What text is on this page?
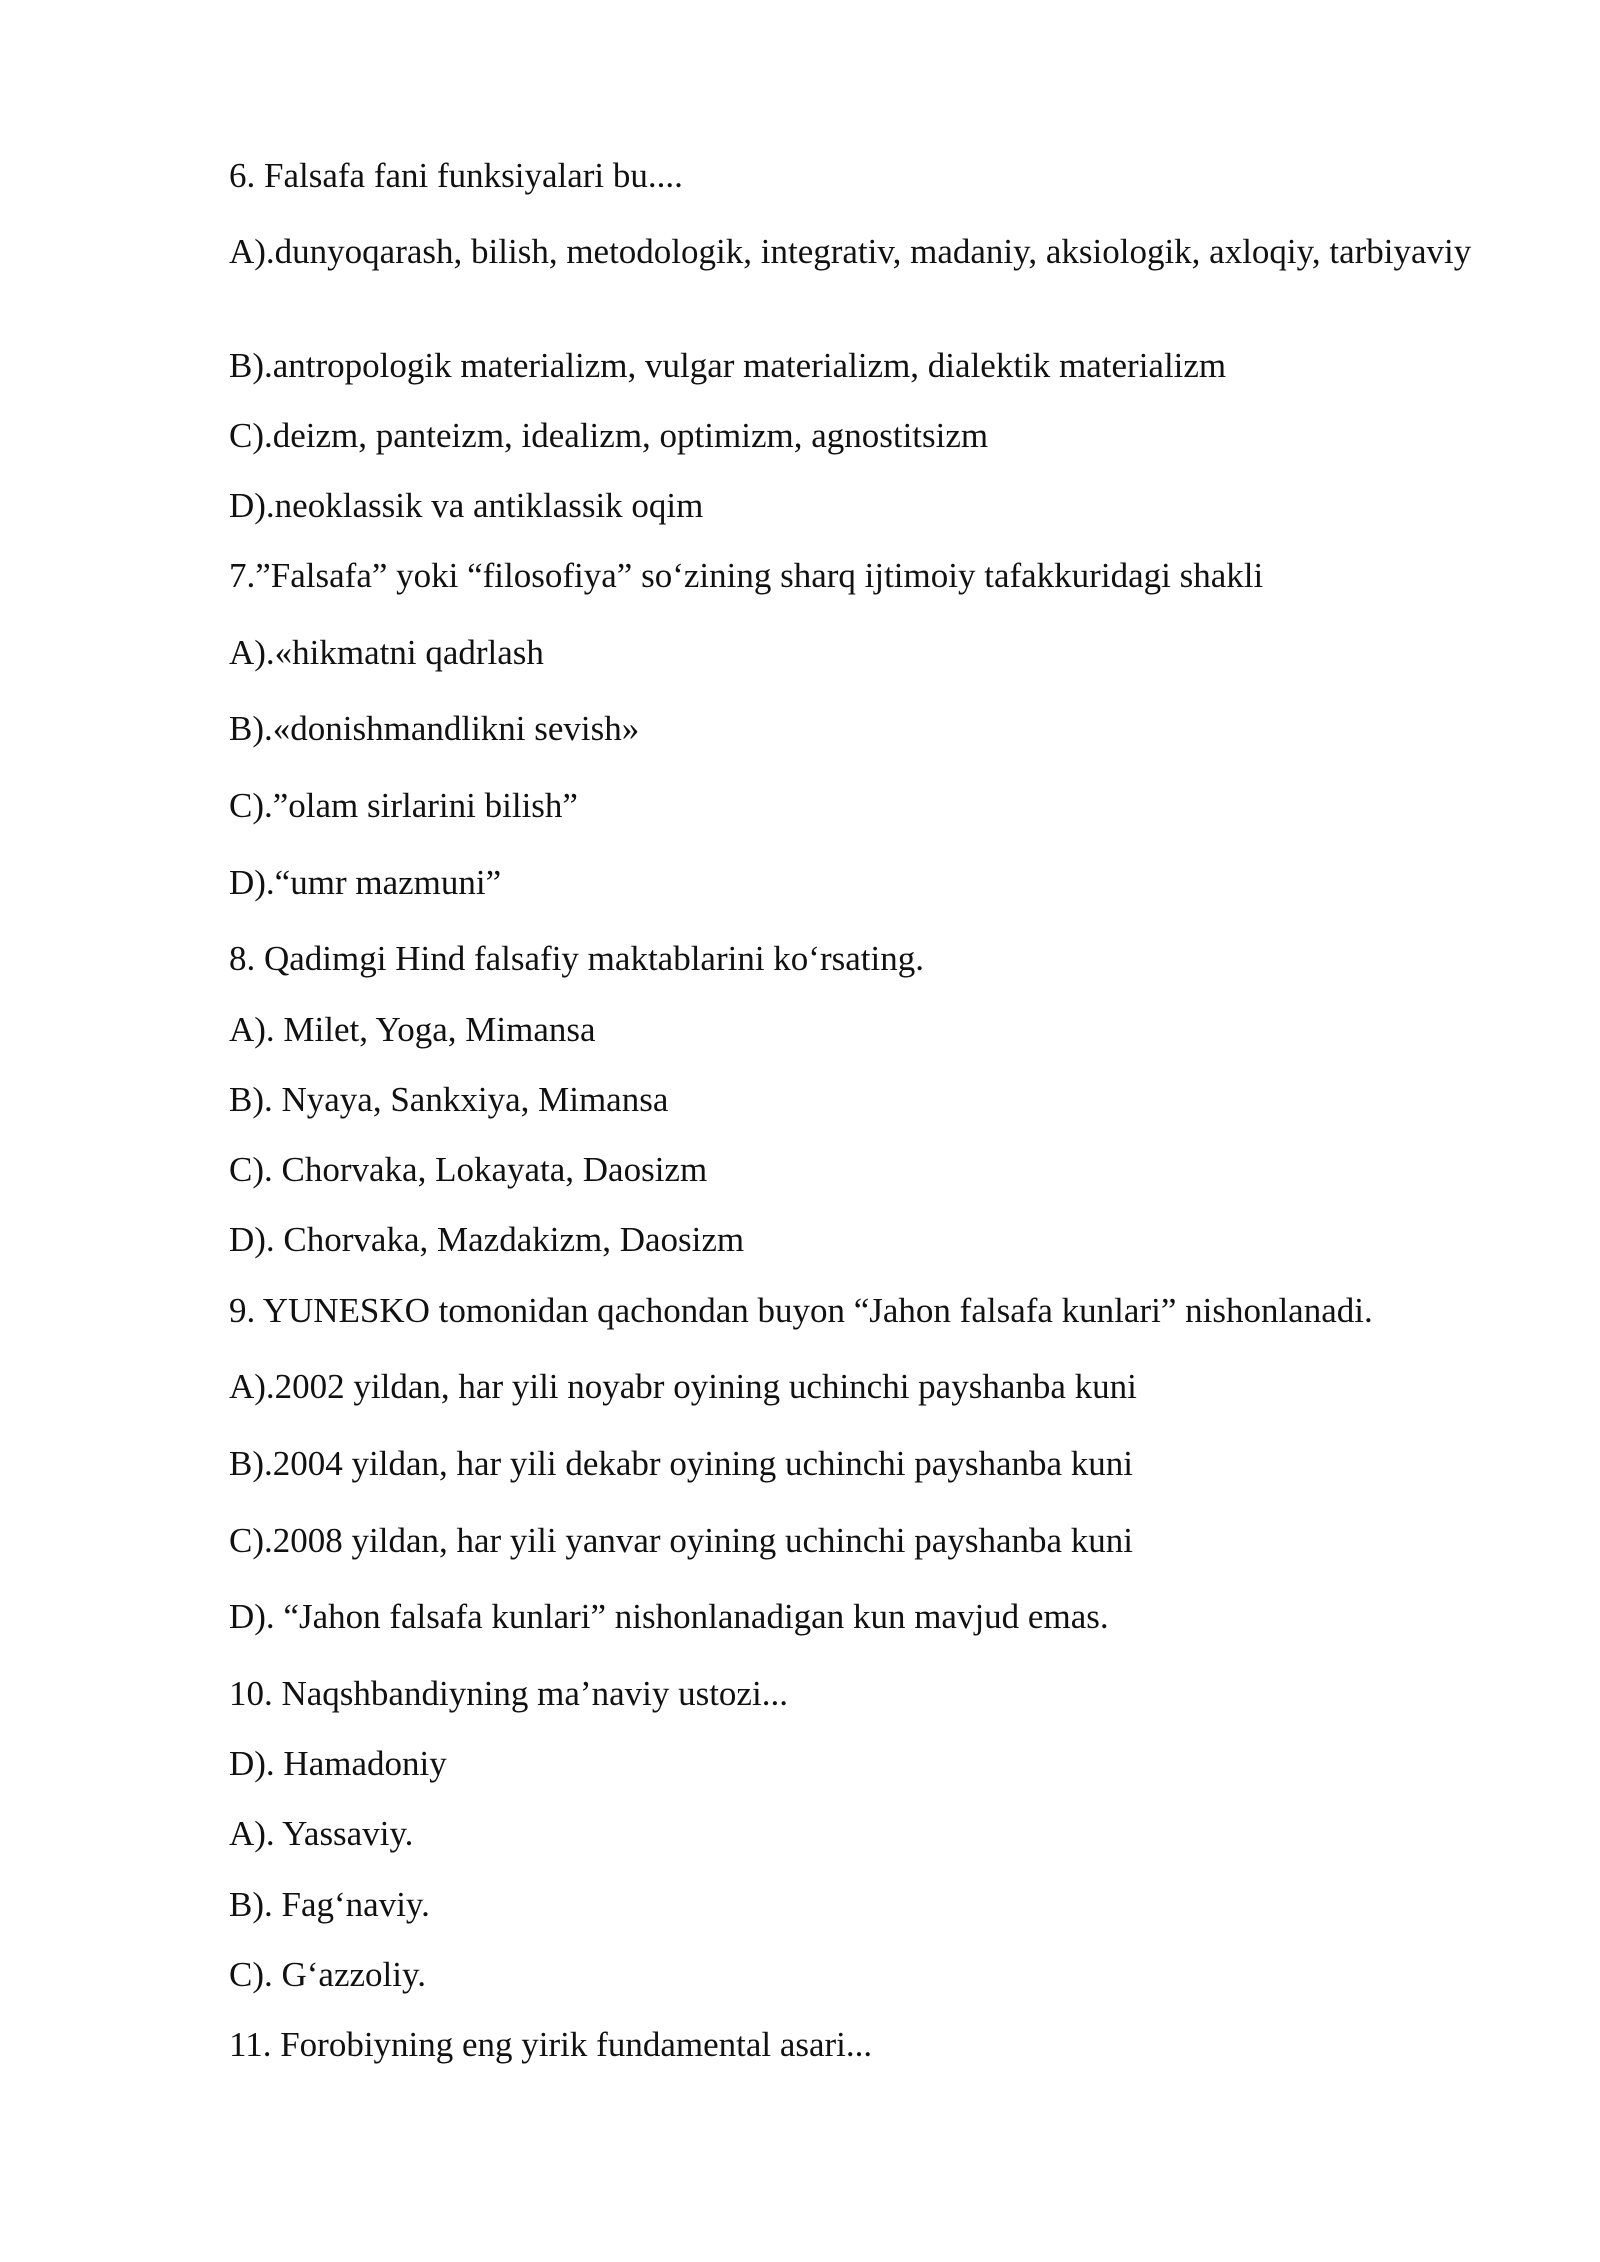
6. Falsafa fani funksiyalari bu....
A).dunyoqarash, bilish, metodologik, integrativ, madaniy, aksiologik, axloqiy, tarbiyaviy
B).antropologik materializm, vulgar materializm, dialektik materializm
C).deizm, panteizm, idealizm, optimizm, agnostitsizm
D).neoklassik va antiklassik oqim
7.”Falsafa” yoki “filosofiya” so‘zining sharq ijtimoiy tafakkuridagi shakli
A).«hikmatni qadrlash
B).«donishmandlikni sevish»
C).”olam sirlarini bilish”
D).“umr mazmuni”
8. Qadimgi Hind falsafiy maktablarini ko‘rsating.
A). Milet, Yoga, Mimansa
B). Nyaya, Sankxiya, Mimansa
C). Chorvaka, Lokayata, Daosizm
D). Chorvaka, Mazdakizm, Daosizm
9. YUNESKO tomonidan qachondan buyon “Jahon falsafa kunlari” nishonlanadi.
A).2002 yildan, har yili noyabr oyining uchinchi payshanba kuni
B).2004 yildan, har yili dekabr oyining uchinchi payshanba kuni
C).2008 yildan, har yili yanvar oyining uchinchi payshanba kuni
D). “Jahon falsafa kunlari” nishonlanadigan kun mavjud emas.
10. Naqshbandiyning ma’naviy ustozi...
D). Hamadoniy
A). Yassaviy.
B). Fag‘naviy.
C). G‘azzoliy.
11. Forobiyning eng yirik fundamental asari...
